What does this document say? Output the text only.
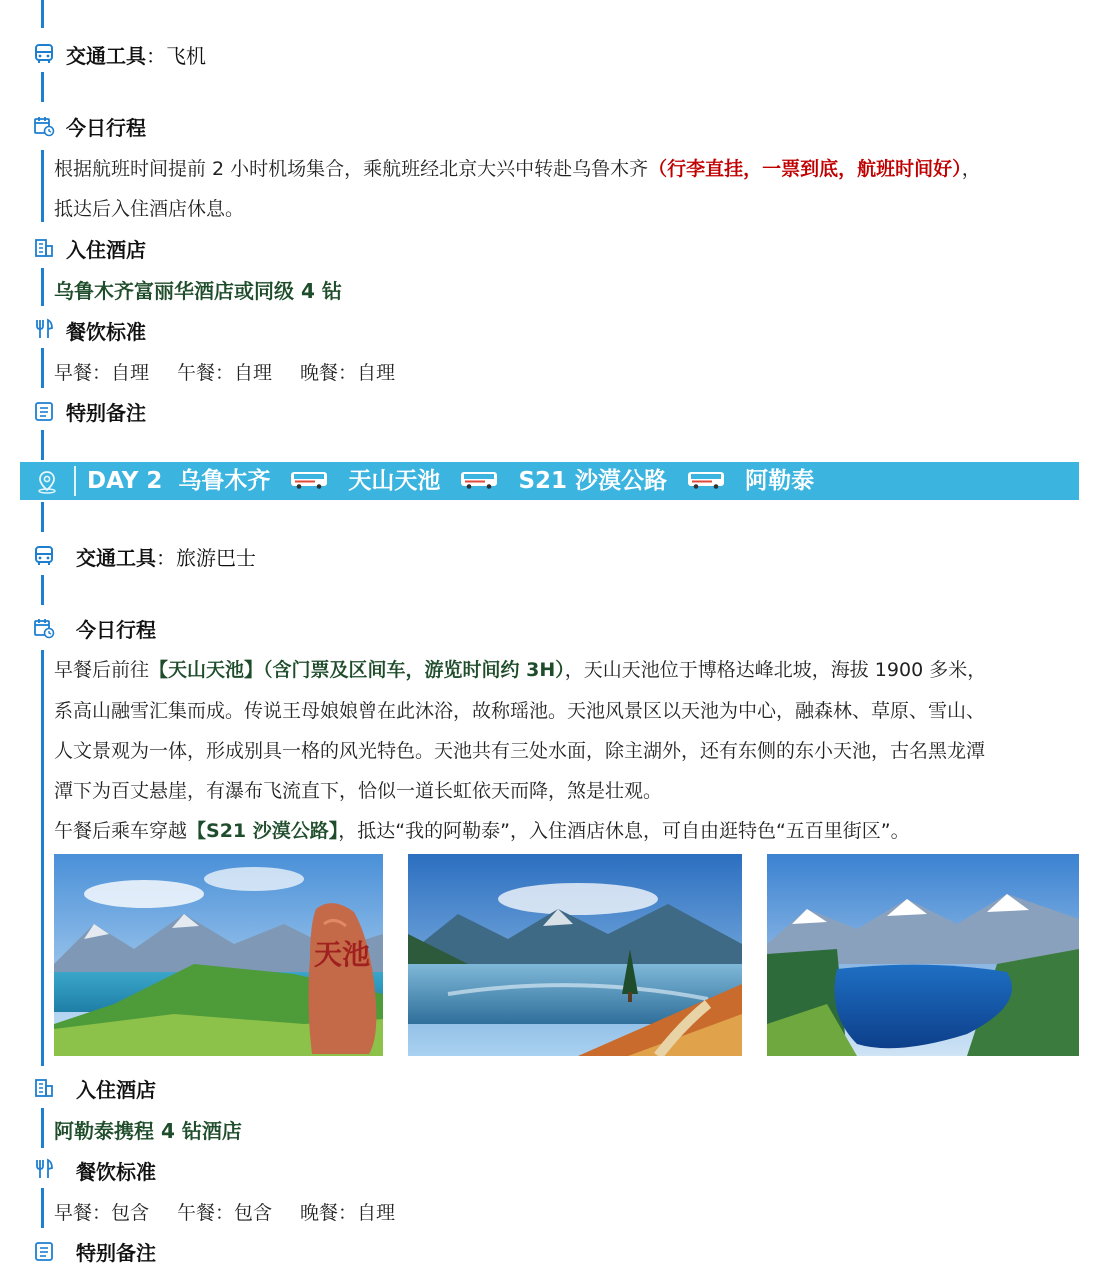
交通工具：飞机
今日行程
根据航班时间提前 2 小时机场集合，乘航班经北京大兴中转赴乌鲁木齐（行李直挂，一票到底，航班时间好），
抵达后入住酒店休息。
入住酒店
乌鲁木齐富丽华酒店或同级 4 钻
餐饮标准
早餐：自理 午餐：自理 晚餐：自理
特别备注
DAY 2 乌鲁木齐	天山天池	S21 沙漠公路	阿勒泰
交通工具：旅游巴士
今日行程
早餐后前往【天山天池】（含门票及区间车，游览时间约 3H），天山天池位于博格达峰北坡，海拔 1900 多米，
系高山融雪汇集而成。传说王母娘娘曾在此沐浴，故称瑶池。天池风景区以天池为中心，融森林、草原、雪山、
人文景观为一体，形成别具一格的风光特色。天池共有三处水面，除主湖外，还有东侧的东小天池，古名黑龙潭
潭下为百丈悬崖，有瀑布飞流直下，恰似一道长虹依天而降，煞是壮观。
午餐后乘车穿越【S21 沙漠公路】，抵达“我的阿勒泰”，入住酒店休息，可自由逛特色“五百里街区”。
天池
入住酒店
阿勒泰携程 4 钻酒店
餐饮标准
早餐：包含 午餐：包含 晚餐：自理
特别备注
